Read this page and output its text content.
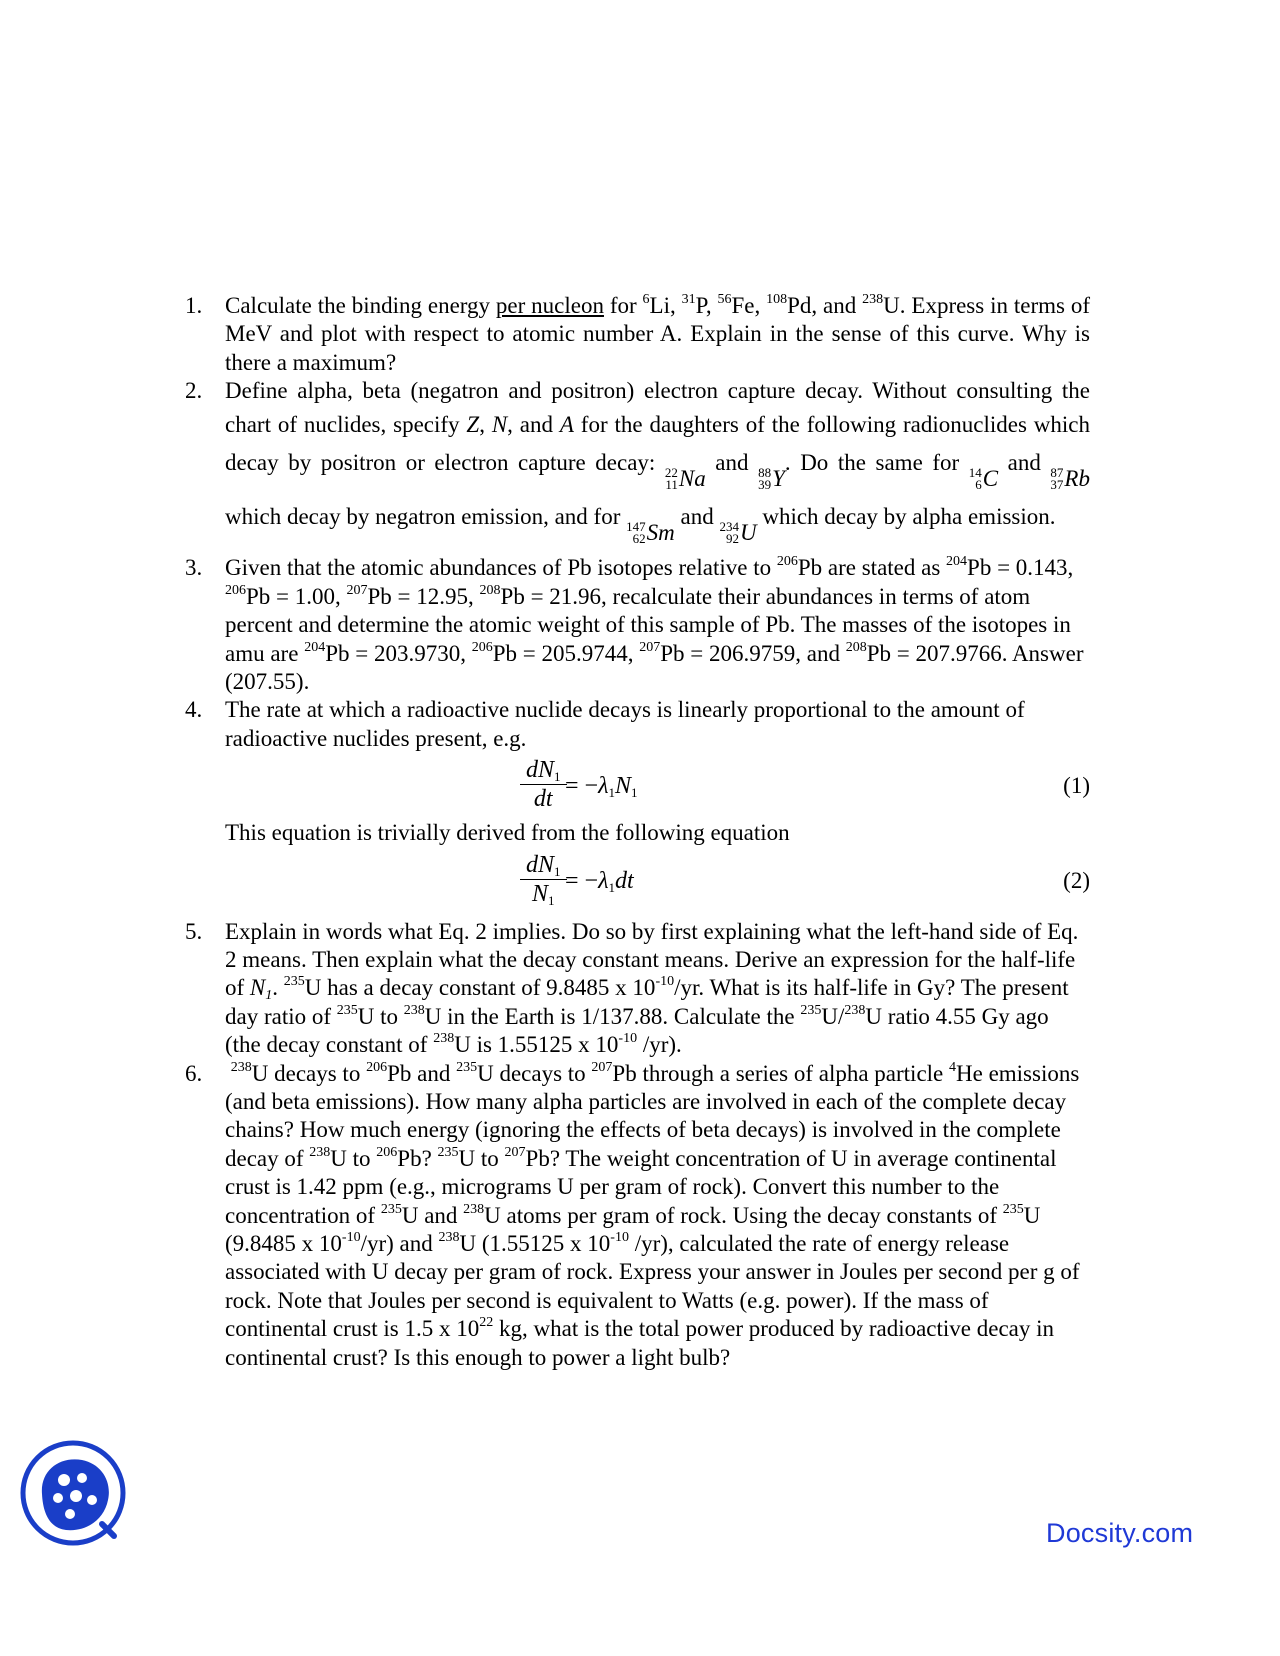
1. Calculate the binding energy per nucleon for $^6$Li, $^{31}$P, $^{56}$Fe, $^{108}$Pd, and $^{238}$U. Express in terms of MeV and plot with respect to atomic number A. Explain in the sense of this curve. Why is there a maximum?

2. Define alpha, beta (negatron and positron) electron capture decay. Without consulting the chart of nuclides, specify Z, N, and A for the daughters of the following radionuclides which decay by positron or electron capture decay: 22
11 Na
and 88
39 Y
. Do the same for 14
6 C
and 87
37 Rb
which decay by negatron emission, and for 147
62 Sm
and 234
92 U
which decay by alpha emission.

3. Given that the atomic abundances of Pb isotopes relative to $^{206}$Pb are stated as $^{204}$Pb = 0.143, $^{206}$Pb = 1.00, $^{207}$Pb = 12.95, $^{208}$Pb = 21.96, recalculate their abundances in terms of atom percent and determine the atomic weight of this sample of Pb. The masses of the isotopes in amu are $^{204}$Pb = 203.9730, $^{206}$Pb = 205.9744, $^{207}$Pb = 206.9759, and $^{208}$Pb = 207.9766. Answer (207.55).

4. The rate at which a radioactive nuclide decays is linearly proportional to the amount of radioactive nuclides present, e.g.

$\frac{dN_1}{dt}$
= $-\lambda_1N_1$	(1)

This equation is trivially derived from the following equation

$\frac{dN_1}{N_1}$
= $-\lambda_1dt$	(2)
5. Explain in words what Eq. 2 implies. Do so by first explaining what the left-hand side of Eq. 2 means. Then explain what the decay constant means. Derive an expression for the half-life of $N_1$. $^{235}$U has a decay constant of 9.8485 x $10^{-10}/yr$. What is its half-life in Gy? The present day ratio of $^{235}$U to $^{238}$U in the Earth is 1/137.88. Calculate the $^{235}$U/$^{238}$U ratio 4.55 Gy ago (the decay constant of $^{238}$U is 1.55125 x $10^{-10}$ /yr).

6.	$^{238}$U decays to $^{206}$Pb and $^{235}$U decays to $^{207}$Pb through a series of alpha particle $^4$He emissions (and beta emissions). How many alpha particles are involved in each of the complete decay chains? How much energy (ignoring the effects of beta decays) is involved in the complete decay of $^{238}$U to $^{206}$Pb? $^{235}$U to $^{207}$Pb? The weight concentration of U in average continental crust is 1.42 ppm (e.g., micrograms U per gram of rock). Convert this number to the concentration of $^{235}$U and $^{238}$U atoms per gram of rock. Using the decay constants of $^{235}$U (9.8485 x $10^{-10}/yr$) and $^{238}$U (1.55125 x $10^{-10}$ /yr), calculated the rate of energy release associated with U decay per gram of rock. Express your answer in Joules per second per g of rock. Note that Joules per second is equivalent to Watts (e.g. power). If the mass of continental crust is 1.5 x $10^{22}$ kg, what is the total power produced by radioactive decay in continental crust? Is this enough to power a light bulb?

Docsity.com
